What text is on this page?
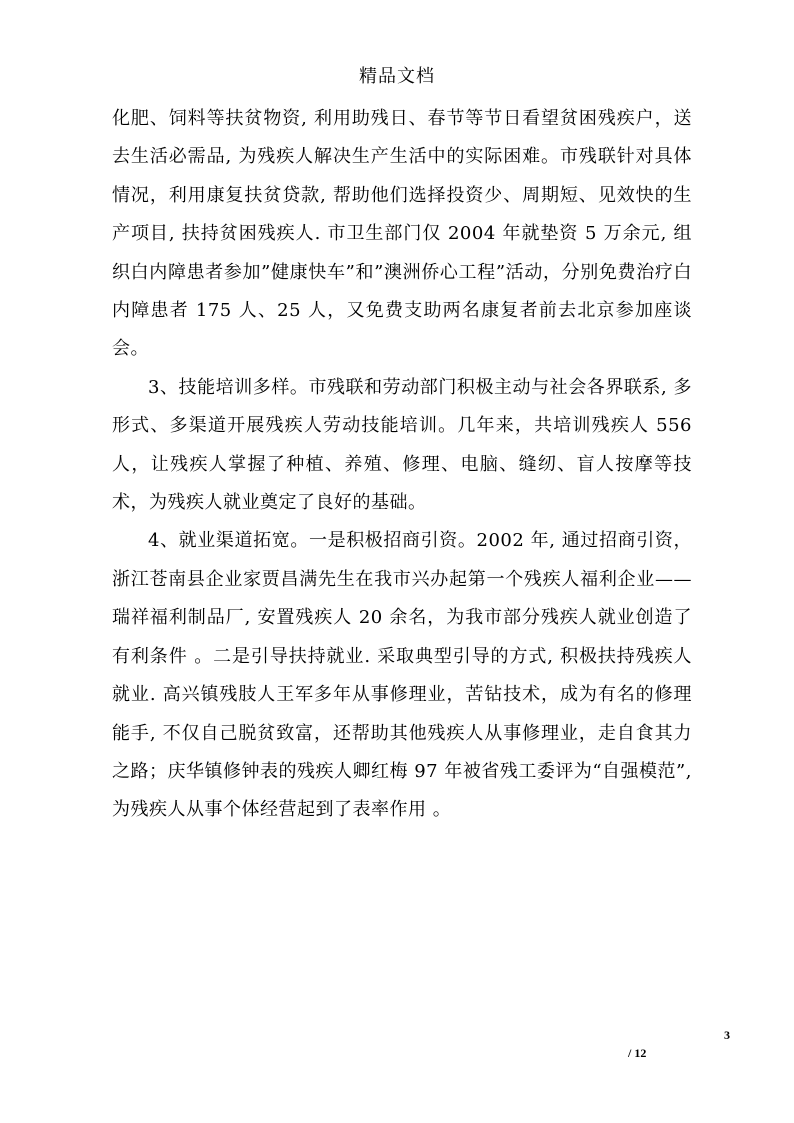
精品文档

化肥、饲料等扶贫物资, 利用助残日、春节等节日看望贫困残疾户，送去生活必需品, 为残疾人解决生产生活中的实际困难。市残联针对具体情况，利用康复扶贫贷款, 帮助他们选择投资少、周期短、见效快的生产项目, 扶持贫困残疾人. 市卫生部门仅 2004 年就垫资 5 万余元, 组织白内障患者参加”健康快车”和”澳洲侨心工程”活动，分别免费治疗白内障患者 175 人、25 人，又免费支助两名康复者前去北京参加座谈会。

3、技能培训多样。市残联和劳动部门积极主动与社会各界联系, 多形式、多渠道开展残疾人劳动技能培训。几年来，共培训残疾人 556 人，让残疾人掌握了种植、养殖、修理、电脑、缝纫、盲人按摩等技术，为残疾人就业奠定了良好的基础。

4、就业渠道拓宽。一是积极招商引资。2002 年, 通过招商引资，浙江苍南县企业家贾昌满先生在我市兴办起第一个残疾人福利企业——瑞祥福利制品厂, 安置残疾人 20 余名，为我市部分残疾人就业创造了有利条件 。二是引导扶持就业. 采取典型引导的方式, 积极扶持残疾人就业. 高兴镇残肢人王军多年从事修理业，苦钻技术，成为有名的修理能手, 不仅自己脱贫致富，还帮助其他残疾人从事修理业，走自食其力之路；庆华镇修钟表的残疾人卿红梅 97 年被省残工委评为“自强模范”, 为残疾人从事个体经营起到了表率作用 。

3
/ 12
